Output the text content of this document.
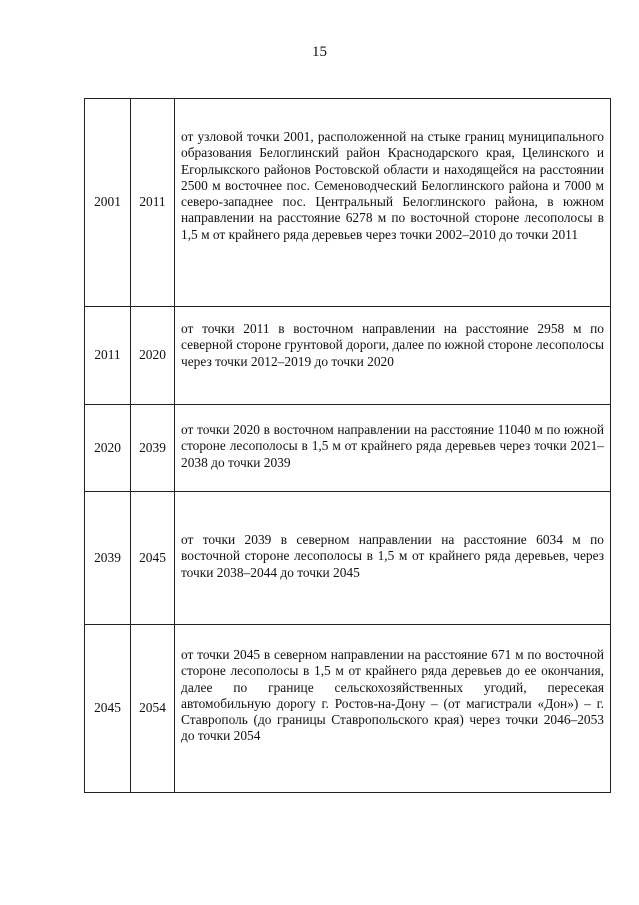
15
2001	2011	от узловой точки 2001, расположенной на стыке границ муниципального образования Белоглинский район Краснодарского края, Целинского и Егорлыкского районов Ростовской области и находящейся на расстоянии 2500 м восточнее пос. Семеноводческий Белоглинского района и 7000 м северо-западнее пос. Центральный Белоглинского района, в южном направлении на расстояние 6278 м по восточной стороне лесополосы в 1,5 м от крайнего ряда деревьев через точки 2002–2010 до точки 2011
2011	2020	от точки 2011 в восточном направлении на расстояние 2958 м по северной стороне грунтовой дороги, далее по южной стороне лесополосы через точки 2012–2019 до точки 2020
2020	2039	от точки 2020 в восточном направлении на расстояние 11040 м по южной стороне лесополосы в 1,5 м от крайнего ряда деревьев через точки 2021–2038 до точки 2039
2039	2045	от точки 2039 в северном направлении на расстояние 6034 м по восточной стороне лесополосы в 1,5 м от крайнего ряда деревьев, через точки 2038–2044 до точки 2045
2045	2054	от точки 2045 в северном направлении на расстояние 671 м по восточной стороне лесополосы в 1,5 м от крайнего ряда деревьев до ее окончания, далее по границе сельскохозяйственных угодий, пересекая автомобильную дорогу г. Ростов-на-Дону – (от магистрали «Дон») – г. Ставрополь (до границы Ставропольского края) через точки 2046–2053 до точки 2054
